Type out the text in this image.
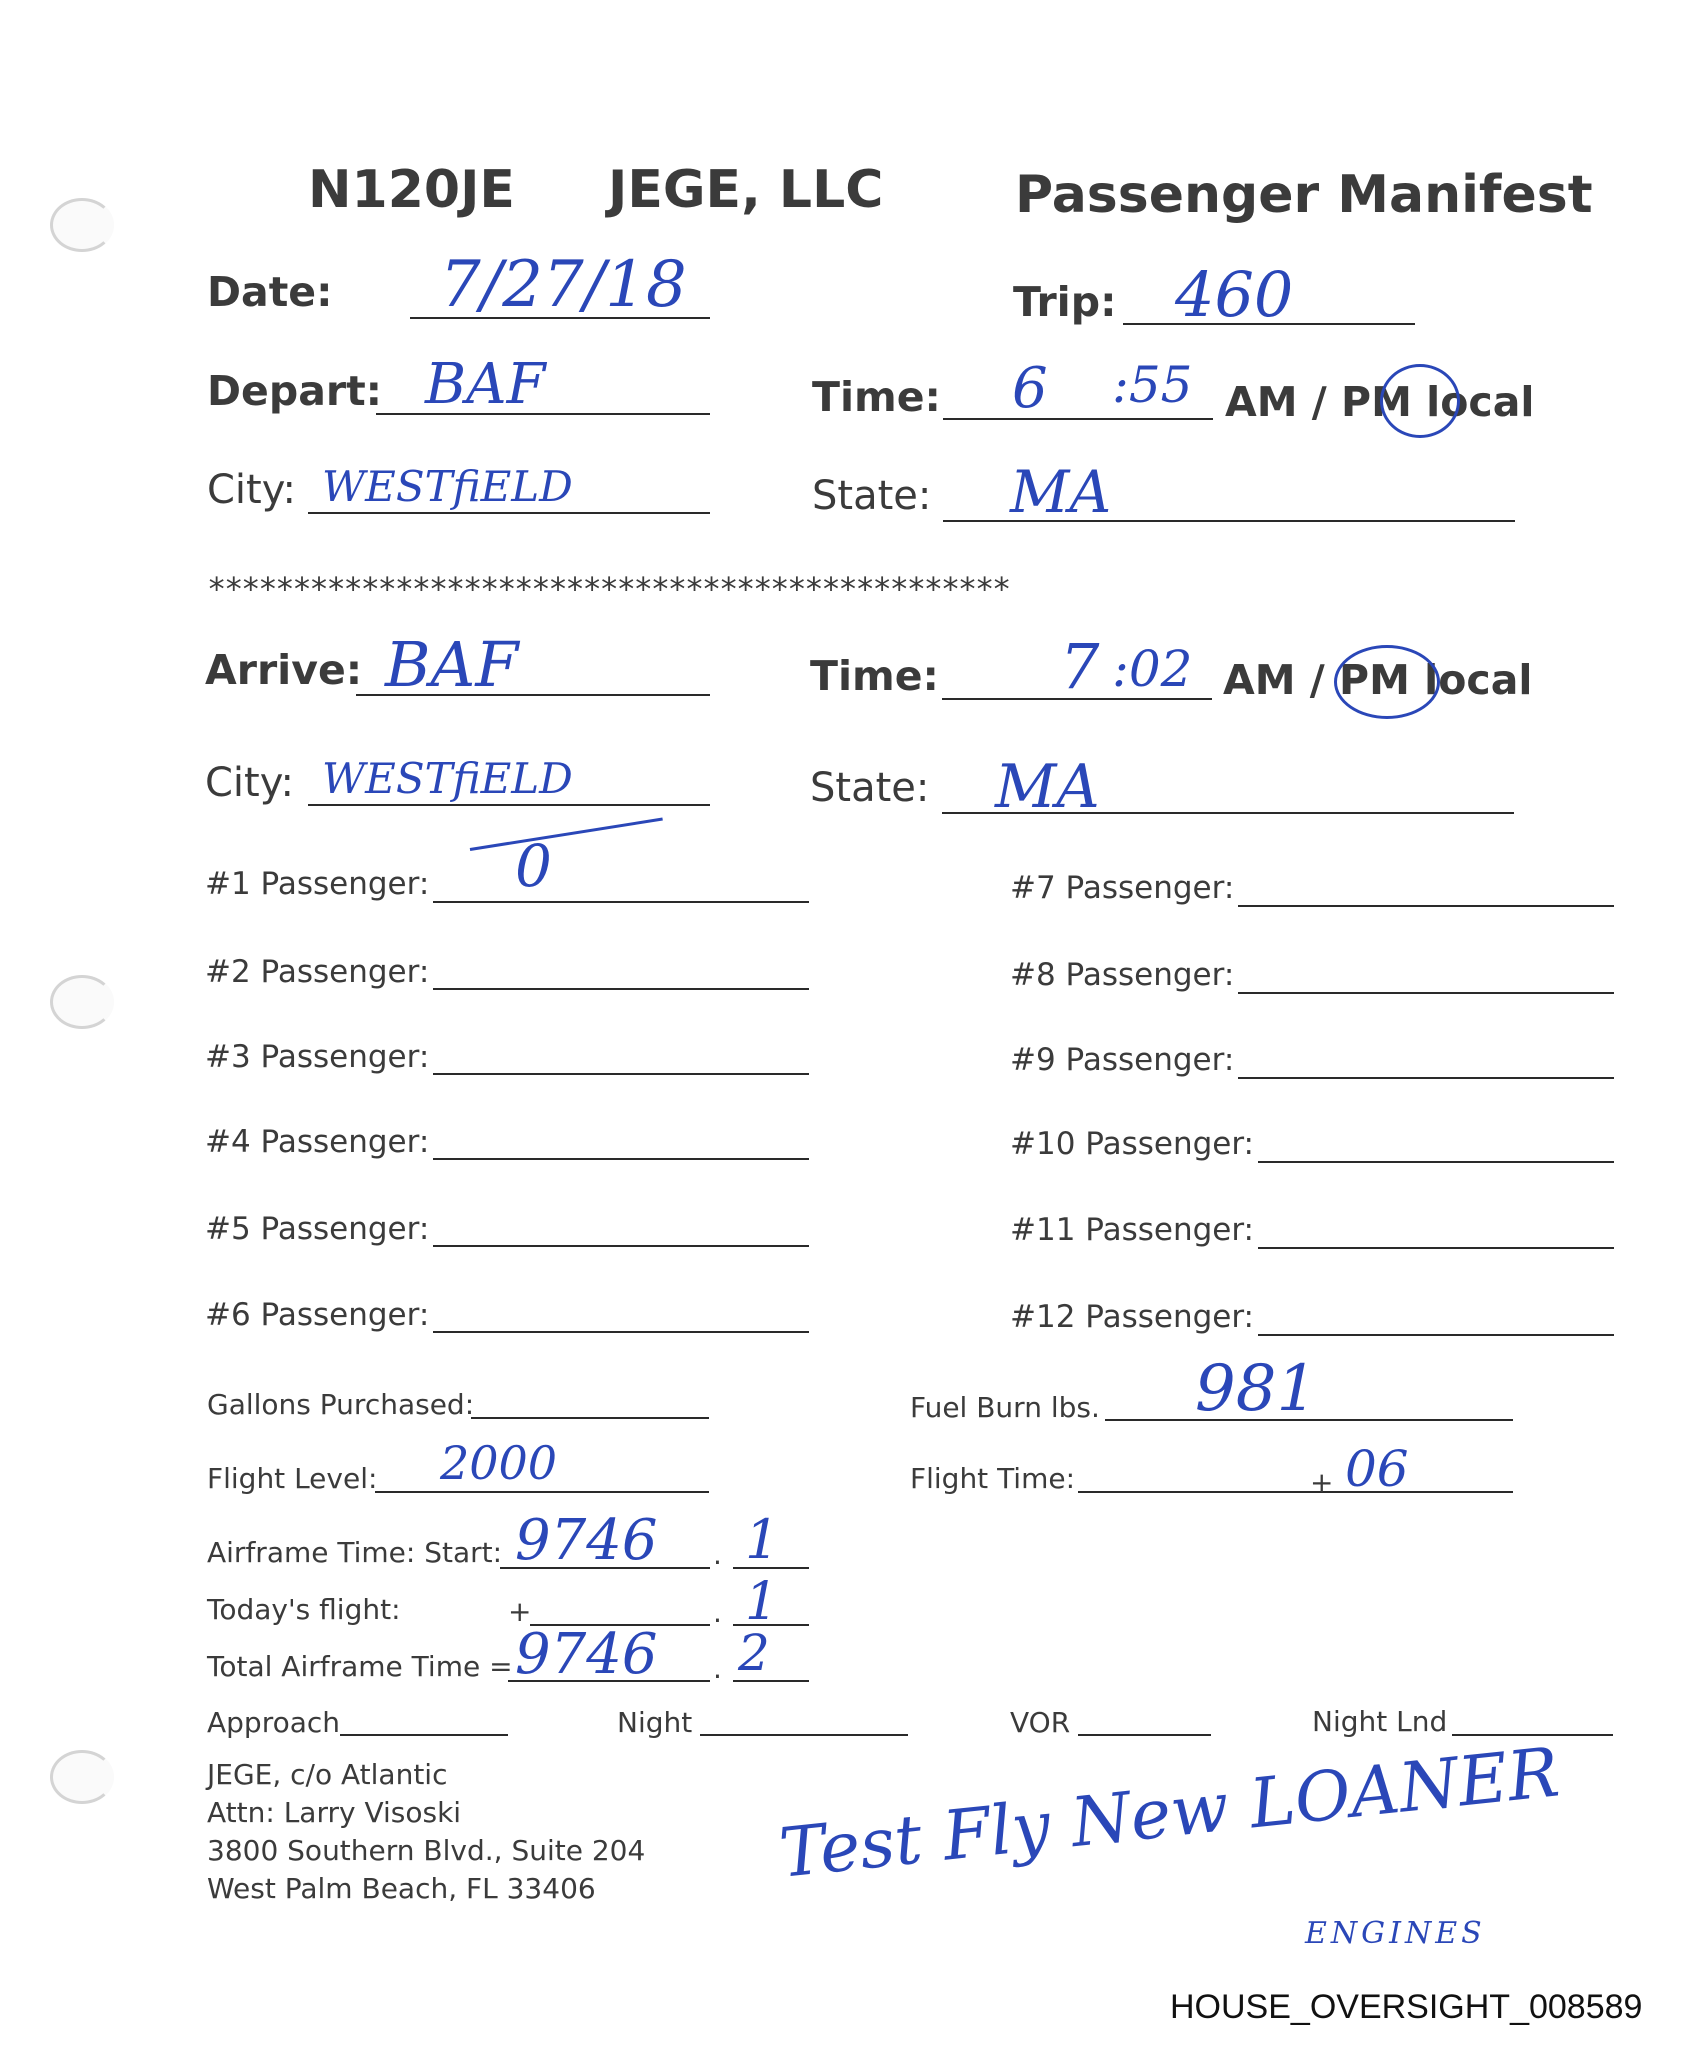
N120JE JEGE, LLC	Passenger Manifest
Date: 7/27/18	Trip: 460
Depart: BAF	Time: 6 :55 AM / PM local
City: WESTfiELD	State: MA
***********************************************
Arrive: BAF	Time: 7 :02 AM / PM local
City: WESTfiELD	State: MA
#1 Passenger: 0
#2 Passenger:
#3 Passenger:
#4 Passenger:
#5 Passenger:
#6 Passenger:
#7 Passenger:
#8 Passenger:
#9 Passenger:
#10 Passenger:
#11 Passenger:
#12 Passenger:
Gallons Purchased:	Fuel Burn lbs. 981
Flight Level: 2000	Flight Time:	+ 06
Airframe Time: Start: 9746 . 1
Today's flight:	+	. 1
Total Airframe Time = 9746 . 2
Approach	Night	VOR	Night Lnd
JEGE, c/o Atlantic
Attn: Larry Visoski
3800 Southern Blvd., Suite 204
West Palm Beach, FL 33406	Test Fly New LOANER
ENGINES
HOUSE_OVERSIGHT_008589
